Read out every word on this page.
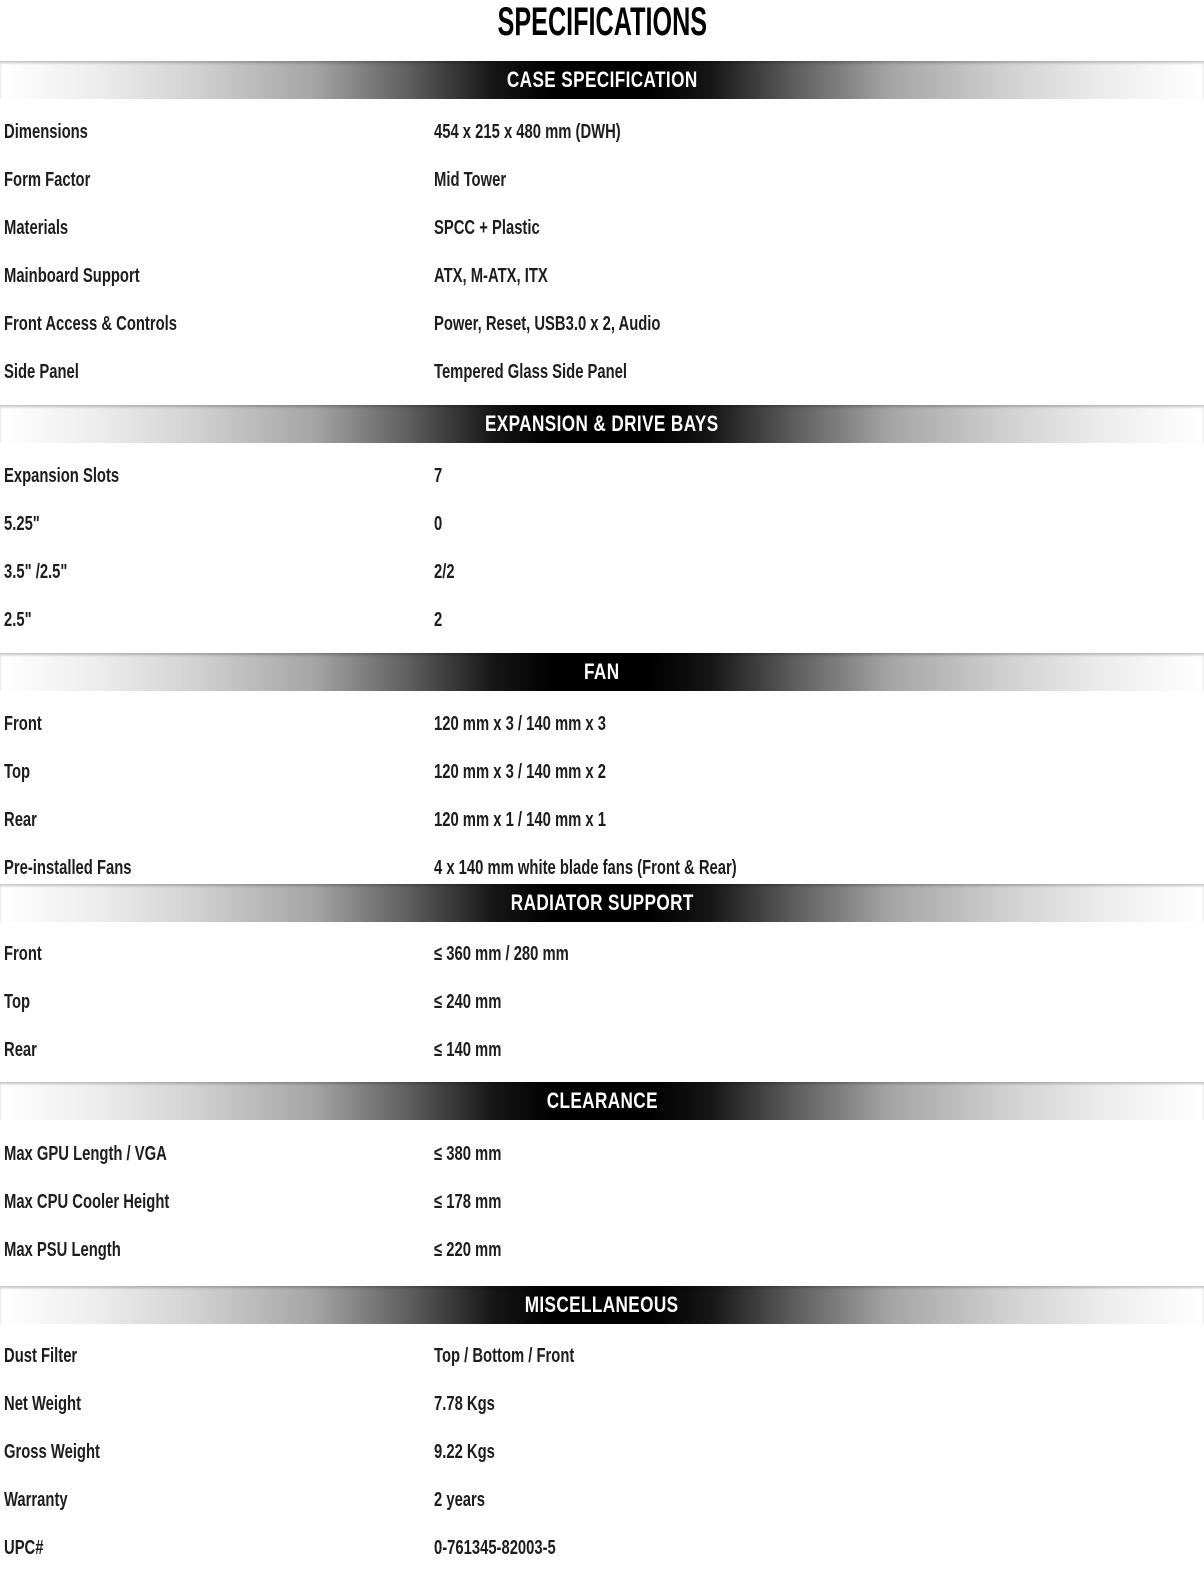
SPECIFICATIONS
CASE SPECIFICATION
Dimensions	454 x 215 x 480 mm (DWH)
Form Factor	Mid Tower
Materials	SPCC + Plastic
Mainboard Support	ATX, M-ATX, ITX
Front Access & Controls	Power, Reset, USB3.0 x 2, Audio
Side Panel	Tempered Glass Side Panel
EXPANSION & DRIVE BAYS
Expansion Slots	7
5.25"	0
3.5" /2.5"	2/2
2.5"	2
FAN
Front	120 mm x 3 / 140 mm x 3
Top	120 mm x 3 / 140 mm x 2
Rear	120 mm x 1 / 140 mm x 1
Pre-installed Fans	4 x 140 mm white blade fans (Front & Rear)
RADIATOR SUPPORT
Front	≤ 360 mm / 280 mm
Top	≤ 240 mm
Rear	≤ 140 mm
CLEARANCE
Max GPU Length / VGA	≤ 380 mm
Max CPU Cooler Height	≤ 178 mm
Max PSU Length	≤ 220 mm
MISCELLANEOUS
Dust Filter	Top / Bottom / Front
Net Weight	7.78 Kgs
Gross Weight	9.22 Kgs
Warranty	2 years
UPC#	0-761345-82003-5
